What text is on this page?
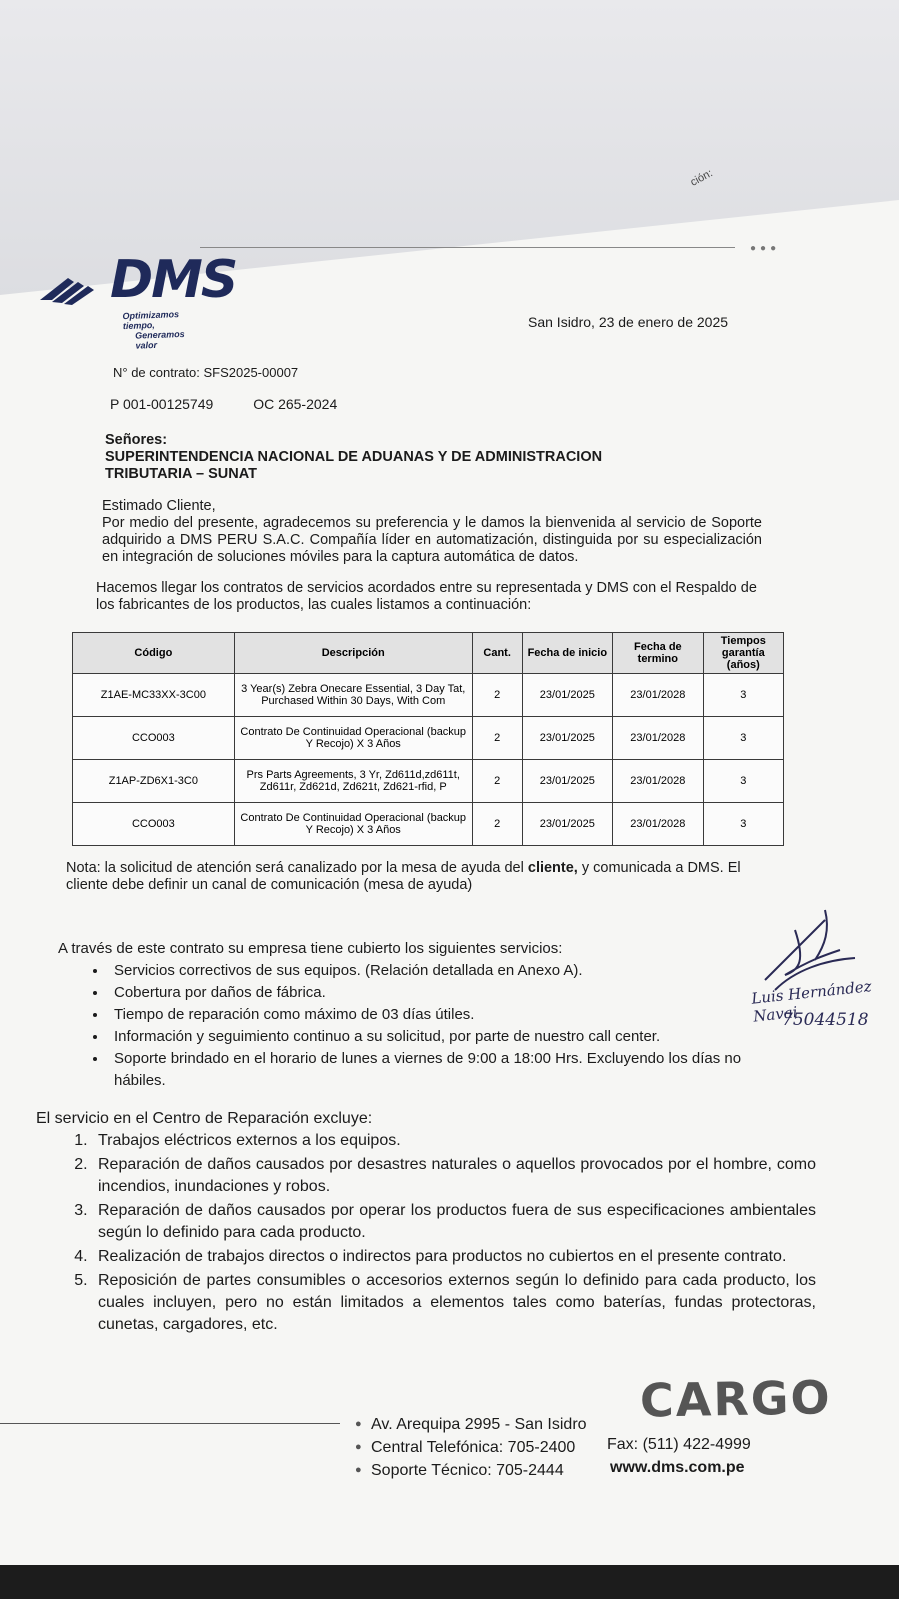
ción:
●●●
DMS
Optimizamos tiempo,
Generamos valor
San Isidro, 23 de enero de 2025
N° de contrato: SFS2025-00007
P 001-00125749	OC 265-2024
Señores:
SUPERINTENDENCIA NACIONAL DE ADUANAS Y DE ADMINISTRACION
TRIBUTARIA – SUNAT
Estimado Cliente,
Por medio del presente, agradecemos su preferencia y le damos la bienvenida al servicio de Soporte adquirido a DMS PERU S.A.C. Compañía líder en automatización, distinguida por su especialización en integración de soluciones móviles para la captura automática de datos.
Hacemos llegar los contratos de servicios acordados entre su representada y DMS con el Respaldo de los fabricantes de los productos, las cuales listamos a continuación:
Código	Descripción	Cant.	Fecha de inicio	Fecha de termino	Tiempos garantía (años)
Z1AE-MC33XX-3C00	3 Year(s) Zebra Onecare Essential, 3 Day Tat, Purchased Within 30 Days, With Com	2	23/01/2025	23/01/2028	3
CCO003	Contrato De Continuidad Operacional (backup Y Recojo) X 3 Años	2	23/01/2025	23/01/2028	3
Z1AP-ZD6X1-3C0	Prs Parts Agreements, 3 Yr, Zd611d,zd611t, Zd611r, Zd621d, Zd621t, Zd621-rfid, P	2	23/01/2025	23/01/2028	3
CCO003	Contrato De Continuidad Operacional (backup Y Recojo) X 3 Años	2	23/01/2025	23/01/2028	3
Nota: la solicitud de atención será canalizado por la mesa de ayuda del cliente, y comunicada a DMS. El cliente debe definir un canal de comunicación (mesa de ayuda)
A través de este contrato su empresa tiene cubierto los siguientes servicios:
• Servicios correctivos de sus equipos. (Relación detallada en Anexo A).
• Cobertura por daños de fábrica.
• Tiempo de reparación como máximo de 03 días útiles.
• Información y seguimiento continuo a su solicitud, por parte de nuestro call center.
• Soporte brindado en el horario de lunes a viernes de 9:00 a 18:00 Hrs. Excluyendo los días no hábiles.
Luis Hernández Navai
75044518
El servicio en el Centro de Reparación excluye:
1. Trabajos eléctricos externos a los equipos.
2. Reparación de daños causados por desastres naturales o aquellos provocados por el hombre, como incendios, inundaciones y robos.
3. Reparación de daños causados por operar los productos fuera de sus especificaciones ambientales según lo definido para cada producto.
4. Realización de trabajos directos o indirectos para productos no cubiertos en el presente contrato.
5. Reposición de partes consumibles o accesorios externos según lo definido para cada producto, los cuales incluyen, pero no están limitados a elementos tales como baterías, fundas protectoras, cunetas, cargadores, etc.
CARGO
● Av. Arequipa 2995 - San Isidro
● Central Telefónica: 705-2400
● Soporte Técnico: 705-2444
Fax: (511) 422-4999
www.dms.com.pe
